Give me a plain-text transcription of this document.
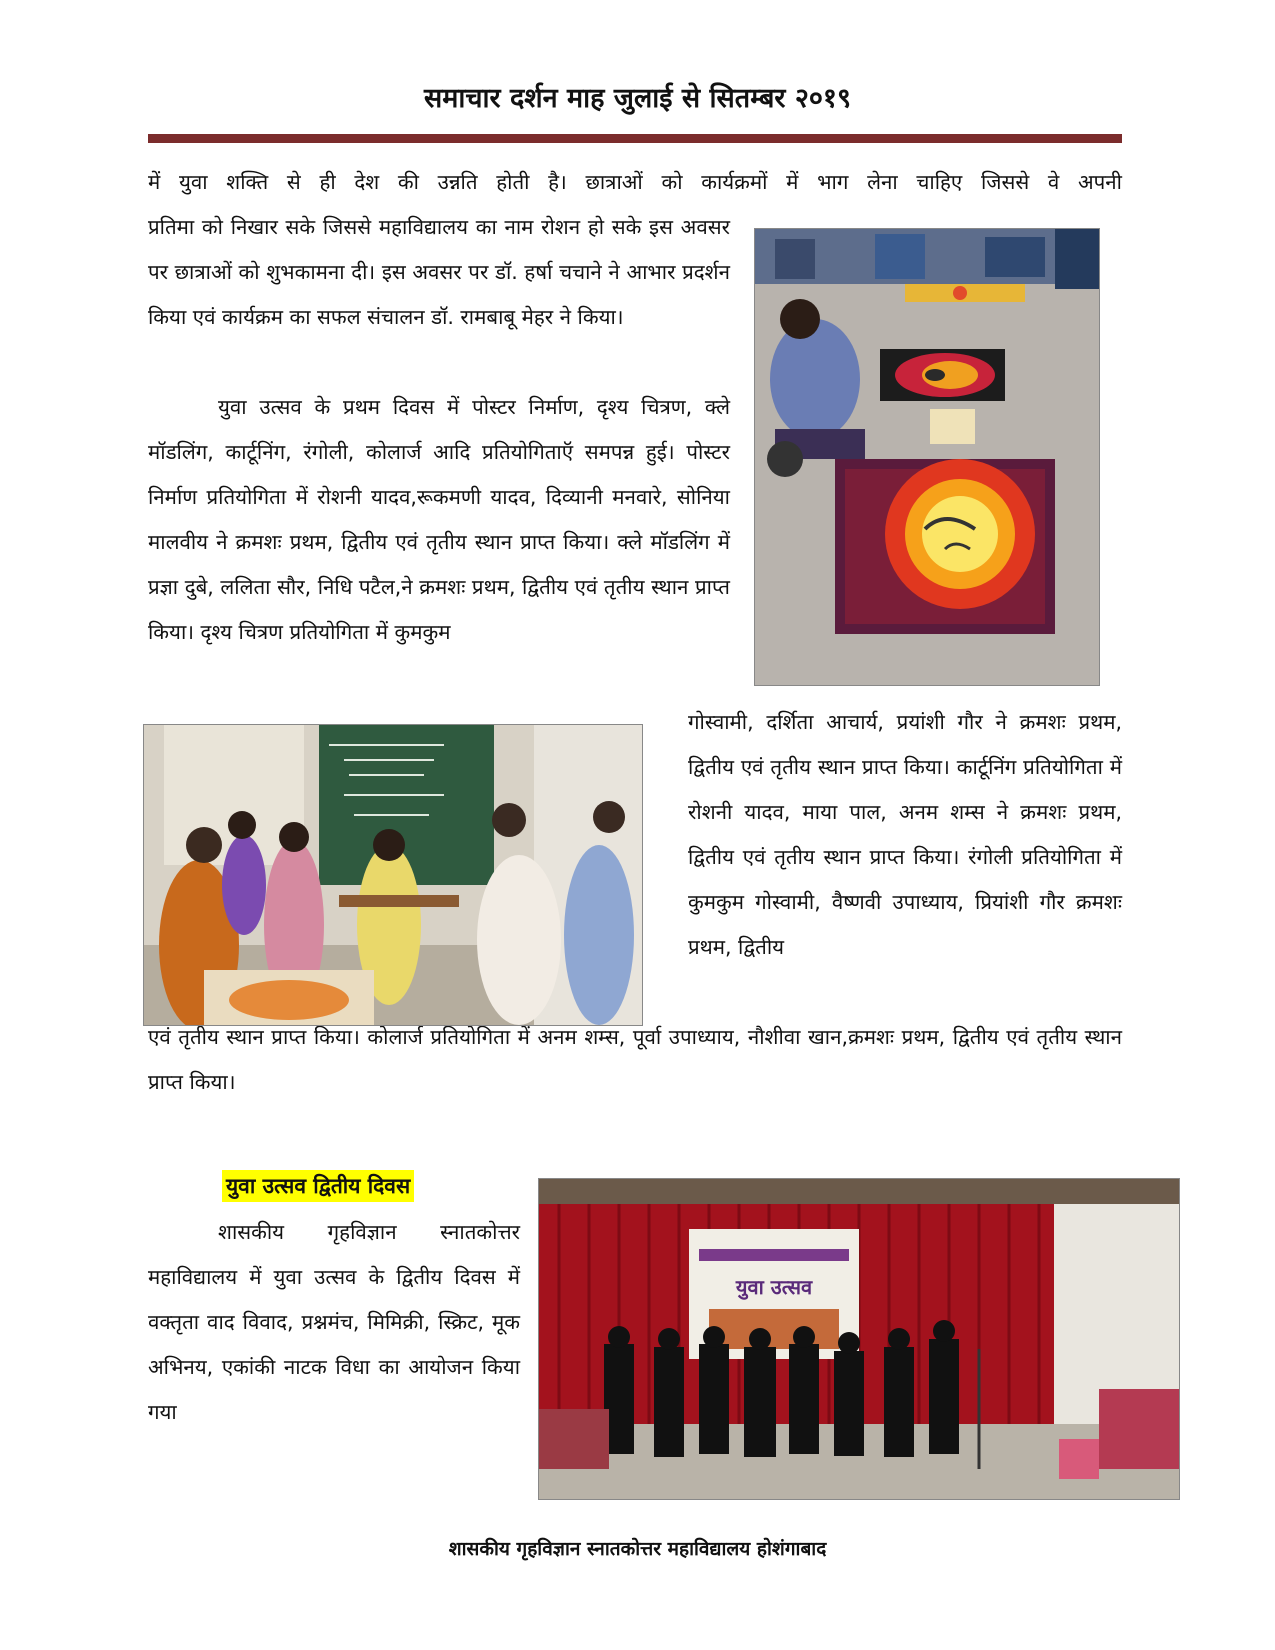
समाचार दर्शन माह जुलाई से सितम्बर २०१९

में युवा शक्ति से ही देश की उन्नति होती है। छात्राओं को कार्यक्रमों में भाग लेना चाहिए जिससे वे अपनी

प्रतिमा को निखार सके जिससे महाविद्यालय का नाम रोशन हो सके इस अवसर पर छात्राओं को शुभकामना दी। इस अवसर पर डॉ. हर्षा चचाने ने आभार प्रदर्शन किया एवं कार्यक्रम का सफल संचालन डॉ. रामबाबू मेहर ने किया।

युवा उत्सव के प्रथम दिवस में पोस्टर निर्माण, दृश्य चित्रण, क्ले मॉडलिंग, कार्टूनिंग, रंगोली, कोलार्ज आदि प्रतियोगिताऍ समपन्न हुई। पोस्टर निर्माण प्रतियोगिता में रोशनी यादव,रूकमणी यादव, दिव्यानी मनवारे, सोनिया मालवीय ने क्रमशः प्रथम, द्वितीय एवं तृतीय स्थान प्राप्त किया। क्ले मॉडलिंग में प्रज्ञा दुबे, ललिता सौर, निधि पटैल,ने क्रमशः प्रथम, द्वितीय एवं तृतीय स्थान प्राप्त किया। दृश्य चित्रण प्रतियोगिता में कुमकुम

गोस्वामी, दर्शिता आचार्य, प्रयांशी गौर ने क्रमशः प्रथम, द्वितीय एवं तृतीय स्थान प्राप्त किया। कार्टूनिंग प्रतियोगिता में रोशनी यादव, माया पाल, अनम शम्स ने क्रमशः प्रथम, द्वितीय एवं तृतीय स्थान प्राप्त किया। रंगोली प्रतियोगिता में कुमकुम गोस्वामी, वैष्णवी उपाध्याय, प्रियांशी गौर क्रमशः प्रथम, द्वितीय

एवं तृतीय स्थान प्राप्त किया। कोलार्ज प्रतियोगिता में अनम शम्स, पूर्वा उपाध्याय, नौशीवा खान,क्रमशः प्रथम, द्वितीय एवं तृतीय स्थान प्राप्त किया।

युवा उत्सव द्वितीय दिवस

शासकीय गृहविज्ञान स्नातकोत्तर महाविद्यालय में युवा उत्सव के द्वितीय दिवस में वक्तृता वाद विवाद, प्रश्नमंच, मिमिक्री, स्क्रिट, मूक अभिनय, एकांकी नाटक विधा का आयोजन किया गया

युवा उत्सव
शासकीय गृहविज्ञान स्नातकोत्तर महाविद्यालय होशंगाबाद
